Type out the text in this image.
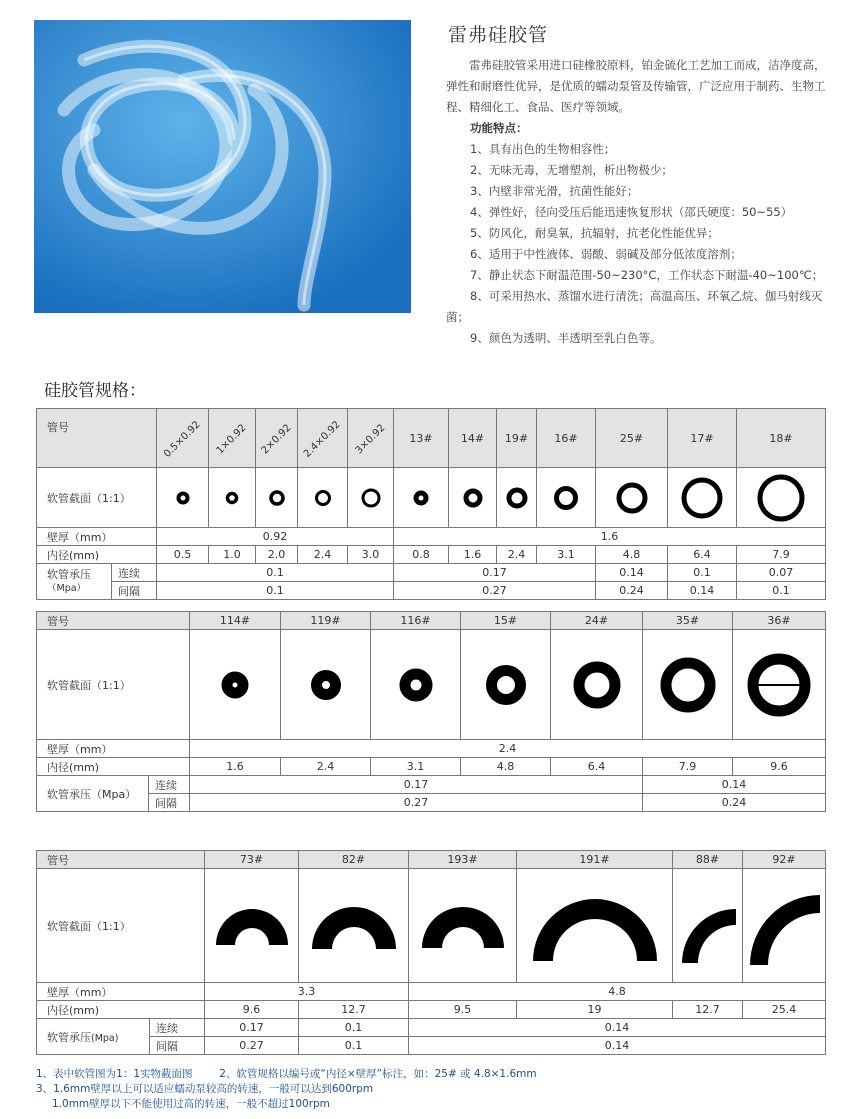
雷弗硅胶管

雷弗硅胶管采用进口硅橡胶原料，铂金硫化工艺加工而成，洁净度高，弹性和耐磨性优异，是优质的蠕动泵管及传输管，广泛应用于制药、生物工程、精细化工、食品、医疗等领域。

功能特点：

1、具有出色的生物相容性；

2、无味无毒，无增塑剂，析出物极少；

3、内壁非常光滑，抗菌性能好；

4、弹性好，径向受压后能迅速恢复形状（邵氏硬度：50~55）

5、防风化，耐臭氧，抗辐射，抗老化性能优异；

6、适用于中性液体、弱酸、弱碱及部分低浓度溶剂；

7、静止状态下耐温范围-50~230°C，工作状态下耐温-40~100℃；

8、可采用热水、蒸馏水进行清洗；高温高压、环氧乙烷、伽马射线灭菌；

9、颜色为透明、半透明至乳白色等。

硅胶管规格：
管号		0.5×0.92	1×0.92	2×0.92	2.4×0.92	3×0.92	13#	14#	19#	16#	25#	17#	18#
软管截面（1:1）	

壁厚（mm）		0.92					1.6						
内径(mm)		0.5	1.0	2.0	2.4	3.0	0.8	1.6	2.4	3.1	4.8	6.4	7.9

软管承压
（Mpa）	连续	0.1					0.17				0.14	0.1	0.07
	间隔	0.1					0.27				0.24	0.14	0.1
管号		114#	119#	116#	15#	24#	35#	36#
软管截面（1:1）	

壁厚（mm）		2.4						
内径(mm)		1.6	2.4	3.1	4.8	6.4	7.9	9.6
软管承压（Mpa）	连续	0.17					0.14	
	间隔	0.27					0.24	
管号		73#	82#	193#	191#	88#	92#
软管截面（1:1）	

壁厚（mm）		3.3		4.8			
内径(mm)		9.6	12.7	9.5	19	12.7	25.4
软管承压(Mpa)	连续	0.17	0.1	0.14			
	间隔	0.27	0.1	0.14			

1、表中软管图为1：1实物截面图        2、软管规格以编号或“内径×壁厚”标注，如：25# 或 4.8×1.6mm

3、1.6mm壁厚以上可以适应蠕动泵较高的转速，一般可以达到600rpm

1.0mm壁厚以下不能使用过高的转速，一般不超过100rpm
